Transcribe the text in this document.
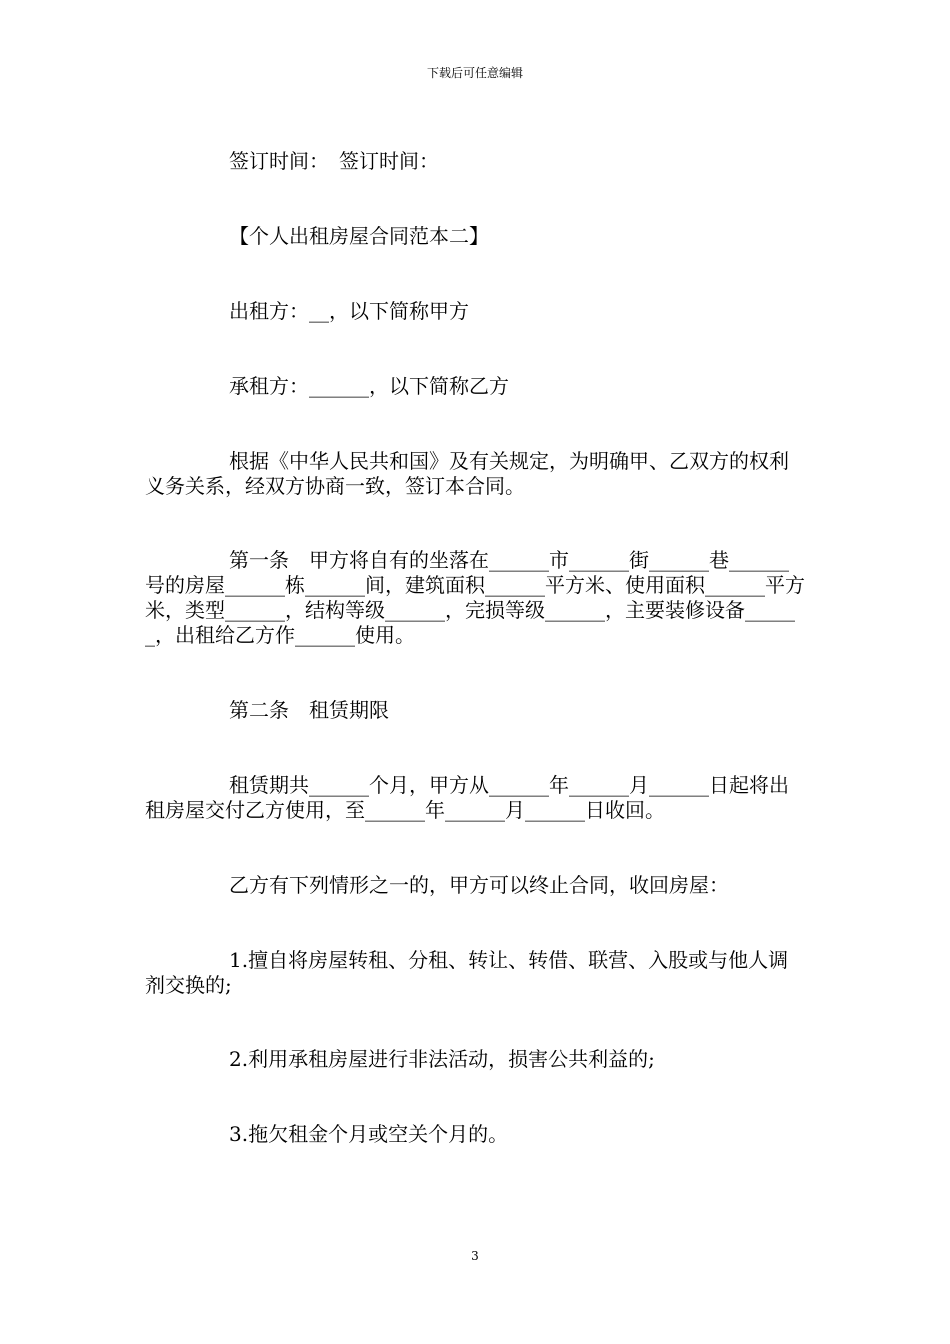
下载后可任意编辑

签订时间：　签订时间：

【个人出租房屋合同范本二】

出租方：__，以下简称甲方

承租方：______，以下简称乙方

根据《中华人民共和国》及有关规定，为明确甲、乙双方的权利义务关系，经双方协商一致，签订本合同。

第一条　甲方将自有的坐落在______市______街______巷______号的房屋______栋______间，建筑面积______平方米、使用面积______平方米，类型______，结构等级______，完损等级______，主要装修设备______，出租给乙方作______使用。

第二条　租赁期限

租赁期共______个月，甲方从______年______月______日起将出租房屋交付乙方使用，至______年______月______日收回。

乙方有下列情形之一的，甲方可以终止合同，收回房屋：

1.擅自将房屋转租、分租、转让、转借、联营、入股或与他人调剂交换的;

2.利用承租房屋进行非法活动，损害公共利益的;

3.拖欠租金个月或空关个月的。

3
